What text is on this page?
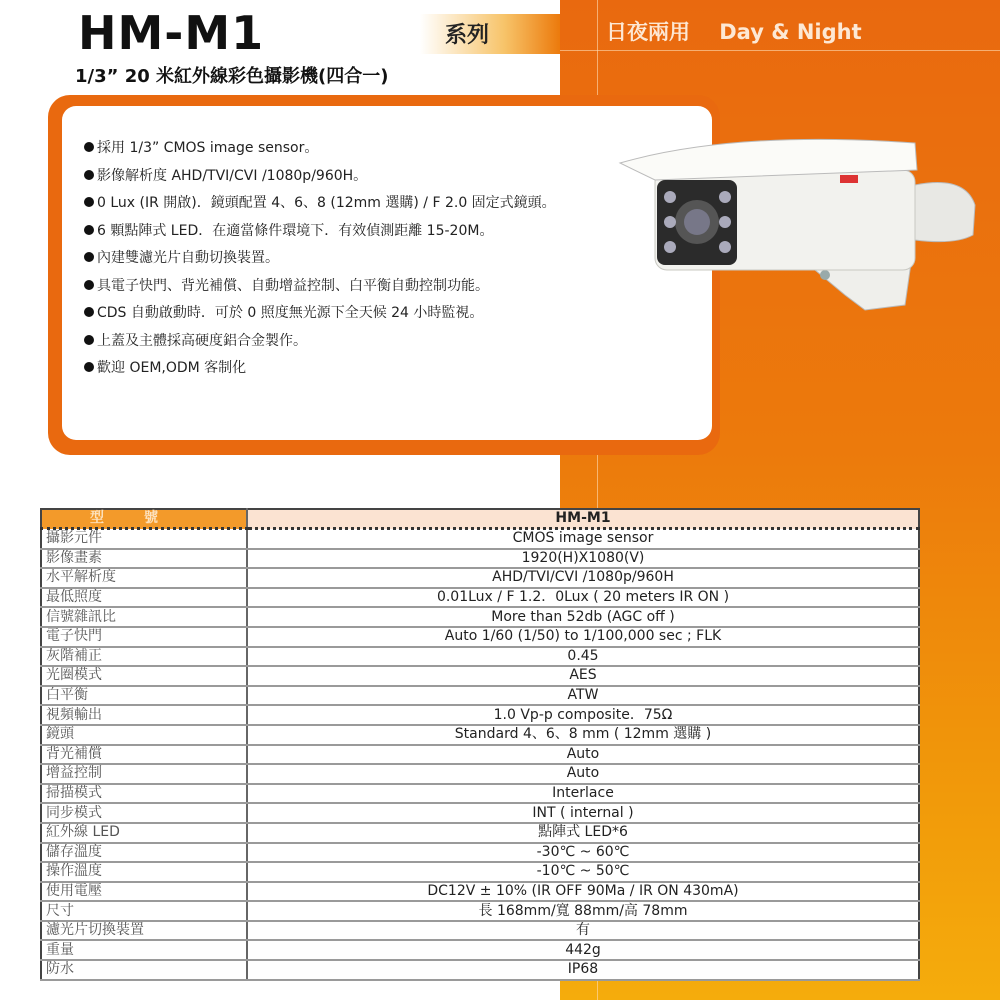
HM-M1	系列	日夜兩用    Day & Night
1/3” 20 米紅外線彩色攝影機(四合一)
採用 1/3” CMOS image sensor。
影像解析度 AHD/TVI/CVI /1080p/960H。
0 Lux (IR 開啟)．鏡頭配置 4、6、8 (12mm 選購) / F 2.0 固定式鏡頭。
6 顆點陣式 LED．在適當條件環境下．有效偵測距離 15-20M。
內建雙濾光片自動切換裝置。
具電子快門、背光補償、自動增益控制、白平衡自動控制功能。
CDS 自動啟動時．可於 0 照度無光源下全天候 24 小時監視。
上蓋及主體採高硬度鋁合金製作。
歡迎 OEM,ODM 客制化
型號	HM-M1
攝影元件	CMOS image sensor
影像畫素	1920(H)X1080(V)
水平解析度	AHD/TVI/CVI /1080p/960H
最低照度	0.01Lux / F 1.2．0Lux ( 20 meters IR ON )
信號雜訊比	More than 52db (AGC off )
電子快門	Auto 1/60 (1/50) to 1/100,000 sec ; FLK
灰階補正	0.45
光圈模式	AES
白平衡	ATW
視頻輸出	1.0 Vp-p composite．75Ω
鏡頭	Standard 4、6、8 mm ( 12mm 選購 )
背光補償	Auto
增益控制	Auto
掃描模式	Interlace
同步模式	INT ( internal )
紅外線 LED	點陣式 LED*6
儲存溫度	-30℃ ~ 60℃
操作溫度	-10℃ ~ 50℃
使用電壓	DC12V ± 10% (IR OFF 90Ma / IR ON 430mA)
尺寸	長 168mm/寬 88mm/高 78mm
濾光片切換裝置	有
重量	442g
防水	IP68
